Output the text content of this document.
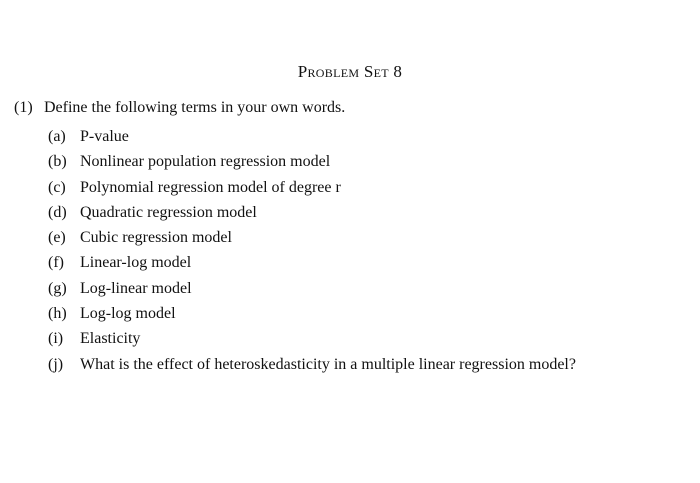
Problem Set 8
(1) Define the following terms in your own words.
(a) P-value
(b) Nonlinear population regression model
(c) Polynomial regression model of degree r
(d) Quadratic regression model
(e) Cubic regression model
(f) Linear-log model
(g) Log-linear model
(h) Log-log model
(i) Elasticity
(j) What is the effect of heteroskedasticity in a multiple linear regression model?
